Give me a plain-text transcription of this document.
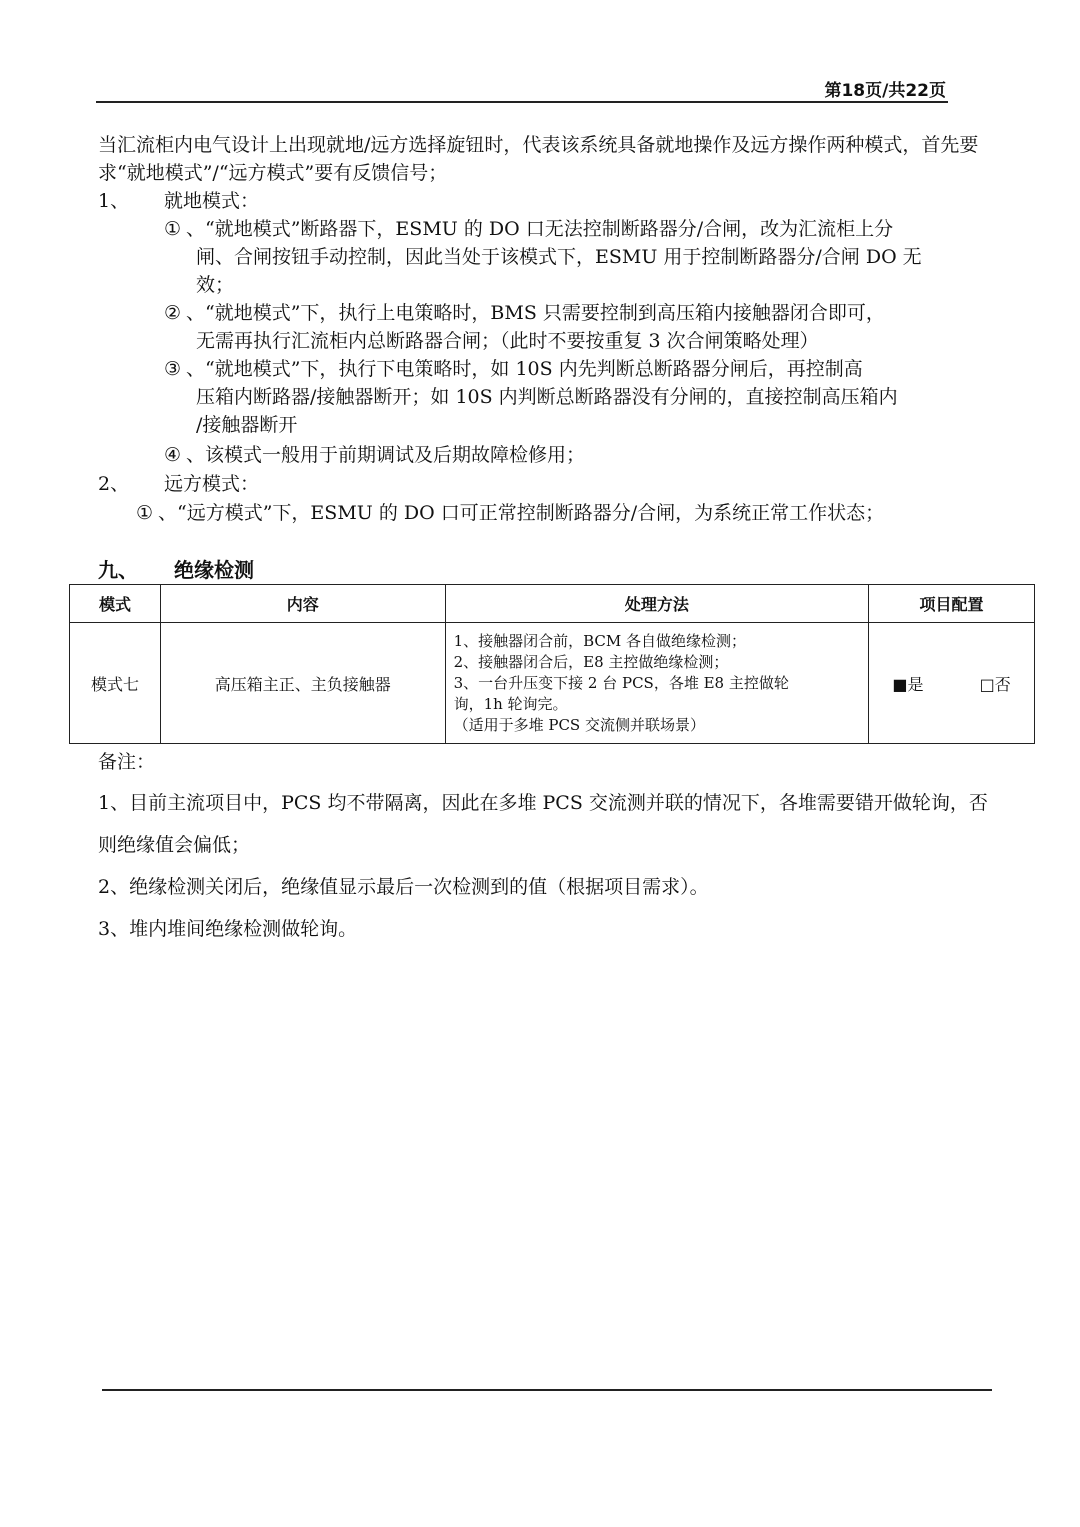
第18页/共22页
当汇流柜内电气设计上出现就地/远方选择旋钮时，代表该系统具备就地操作及远方操作两种模式，首先要求“就地模式”/“远方模式”要有反馈信号；
1、 就地模式：
① 、“就地模式”断路器下，ESMU 的 DO 口无法控制断路器分/合闸，改为汇流柜上分
闸、合闸按钮手动控制，因此当处于该模式下，ESMU 用于控制断路器分/合闸 DO 无
效；
② 、“就地模式”下，执行上电策略时，BMS 只需要控制到高压箱内接触器闭合即可，
无需再执行汇流柜内总断路器合闸；（此时不要按重复 3 次合闸策略处理）
③ 、“就地模式”下，执行下电策略时，如 10S 内先判断总断路器分闸后，再控制高
压箱内断路器/接触器断开；如 10S 内判断总断路器没有分闸的，直接控制高压箱内
/接触器断开
④ 、该模式一般用于前期调试及后期故障检修用；
2、 远方模式：
① 、“远方模式”下，ESMU 的 DO 口可正常控制断路器分/合闸，为系统正常工作状态；
九、 绝缘检测
模式	内容	处理方法	项目配置
模式七	高压箱主正、主负接触器	1、接触器闭合前，BCM 各自做绝缘检测；
2、接触器闭合后，E8 主控做绝缘检测；
3、一台升压变下接 2 台 PCS，各堆 E8 主控做轮
询，1h 轮询完。
（适用于多堆 PCS 交流侧并联场景）	■是 □否
备注：
1、目前主流项目中，PCS 均不带隔离，因此在多堆 PCS 交流测并联的情况下，各堆需要错开做轮询，否则绝缘值会偏低；
2、绝缘检测关闭后，绝缘值显示最后一次检测到的值（根据项目需求）。
3、堆内堆间绝缘检测做轮询。
